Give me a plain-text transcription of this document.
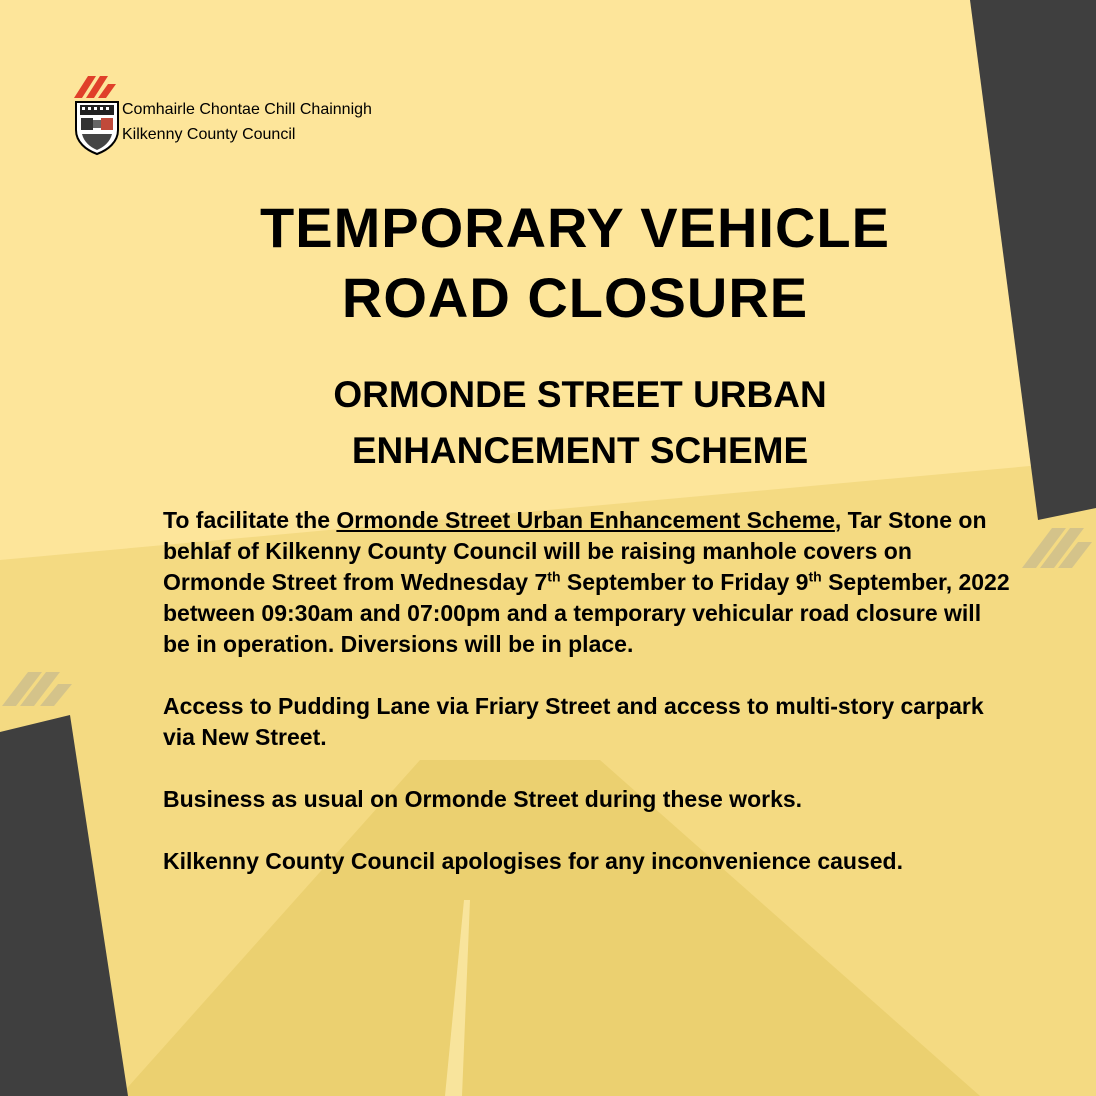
Comhairle Chontae Chill Chainnigh
Kilkenny County Council
TEMPORARY VEHICLE
ROAD CLOSURE
ORMONDE STREET URBAN
ENHANCEMENT SCHEME

To facilitate the Ormonde Street Urban Enhancement Scheme, Tar Stone on behlaf of Kilkenny County Council will be raising manhole covers on Ormonde Street from Wednesday 7th September to Friday 9th September, 2022 between 09:30am and 07:00pm and a temporary vehicular road closure will be in operation. Diversions will be in place.

Access to Pudding Lane via Friary Street and access to multi-story carpark via New Street.

Business as usual on Ormonde Street during these works.

Kilkenny County Council apologises for any inconvenience caused.
